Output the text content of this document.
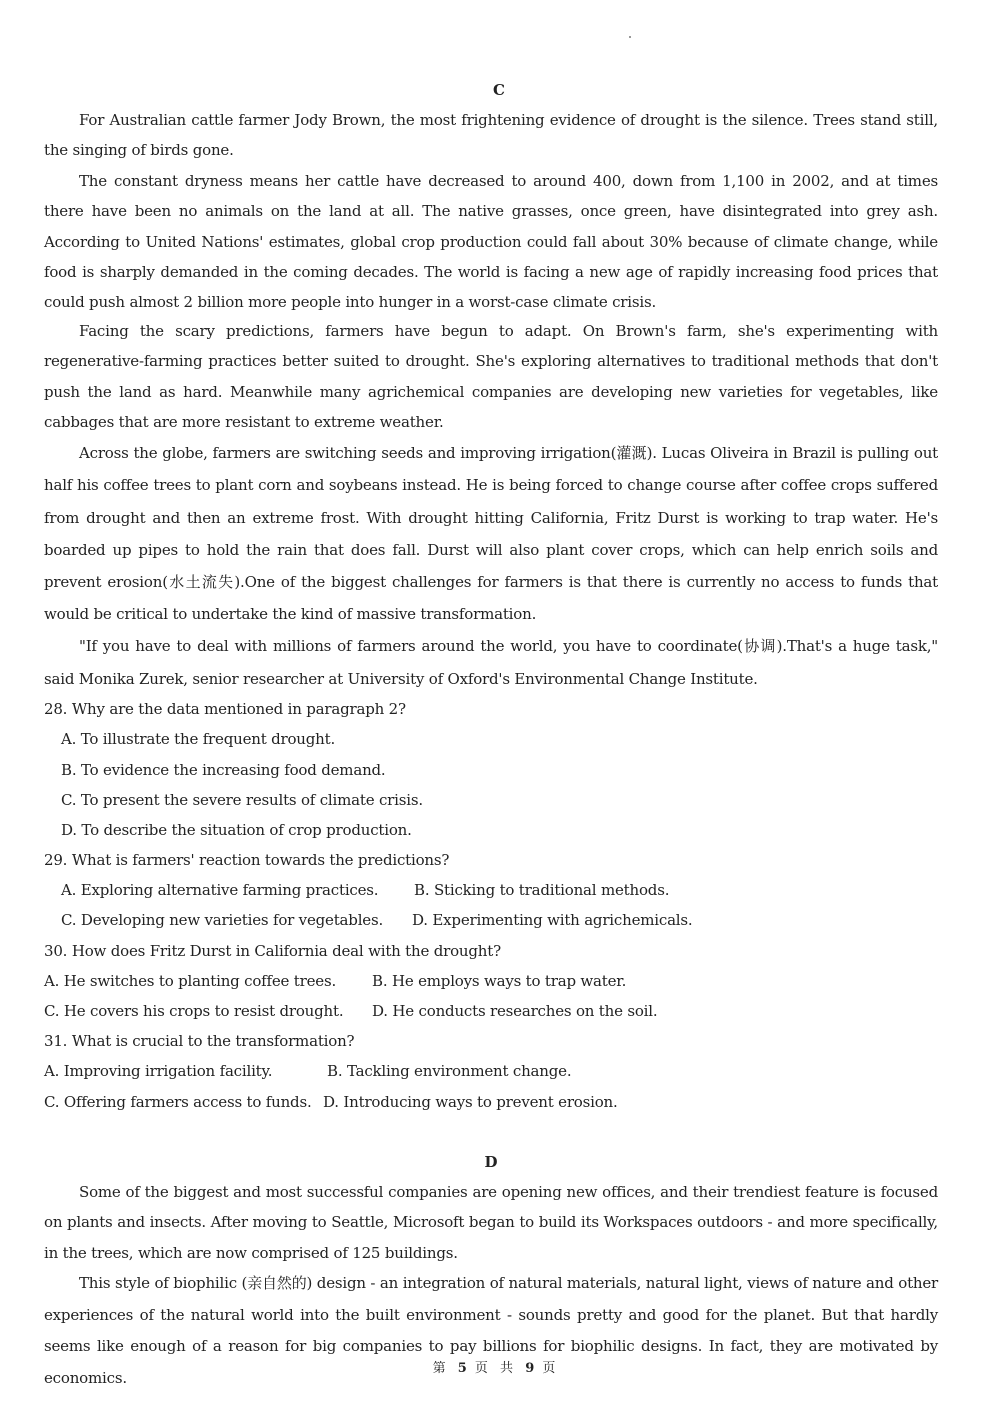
C

For Australian cattle farmer Jody Brown, the most frightening evidence of drought is the silence. Trees stand still, the singing of birds gone.

The constant dryness means her cattle have decreased to around 400, down from 1,100 in 2002, and at times there have been no animals on the land at all. The native grasses, once green, have disintegrated into grey ash. According to United Nations' estimates, global crop production could fall about 30% because of climate change, while food is sharply demanded in the coming decades. The world is facing a new age of rapidly increasing food prices that could push almost 2 billion more people into hunger in a worst-case climate crisis.

Facing the scary predictions, farmers have begun to adapt. On Brown's farm, she's experimenting with regenerative-farming practices better suited to drought. She's exploring alternatives to traditional methods that don't push the land as hard. Meanwhile many agrichemical companies are developing new varieties for vegetables, like cabbages that are more resistant to extreme weather.

Across the globe, farmers are switching seeds and improving irrigation(灌溉). Lucas Oliveira in Brazil is pulling out half his coffee trees to plant corn and soybeans instead. He is being forced to change course after coffee crops suffered from drought and then an extreme frost. With drought hitting California, Fritz Durst is working to trap water. He's boarded up pipes to hold the rain that does fall. Durst will also plant cover crops, which can help enrich soils and prevent erosion(水土流失).One of the biggest challenges for farmers is that there is currently no access to funds that would be critical to undertake the kind of massive transformation.

"If you have to deal with millions of farmers around the world, you have to coordinate(协调).That's a huge task," said Monika Zurek, senior researcher at University of Oxford's Environmental Change Institute.

28. Why are the data mentioned in paragraph 2?
A. To illustrate the frequent drought.
B. To evidence the increasing food demand.
C. To present the severe results of climate crisis.
D. To describe the situation of crop production.
29. What is farmers' reaction towards the predictions?
A. Exploring alternative farming practices. B. Sticking to traditional methods.
C. Developing new varieties for vegetables. D. Experimenting with agrichemicals.
30. How does Fritz Durst in California deal with the drought?
A. He switches to planting coffee trees. B. He employs ways to trap water.
C. He covers his crops to resist drought. D. He conducts researches on the soil.
31. What is crucial to the transformation?
A. Improving irrigation facility.	B. Tackling environment change.
C. Offering farmers access to funds. D. Introducing ways to prevent erosion.
D

Some of the biggest and most successful companies are opening new offices, and their trendiest feature is focused on plants and insects. After moving to Seattle, Microsoft began to build its Workspaces outdoors - and more specifically, in the trees, which are now comprised of 125 buildings.

This style of biophilic (亲自然的) design - an integration of natural materials, natural light, views of nature and other experiences of the natural world into the built environment - sounds pretty and good for the planet. But that hardly seems like enough of a reason for big companies to pay billions for biophilic designs. In fact, they are motivated by economics.

第 5 页 共 9 页
